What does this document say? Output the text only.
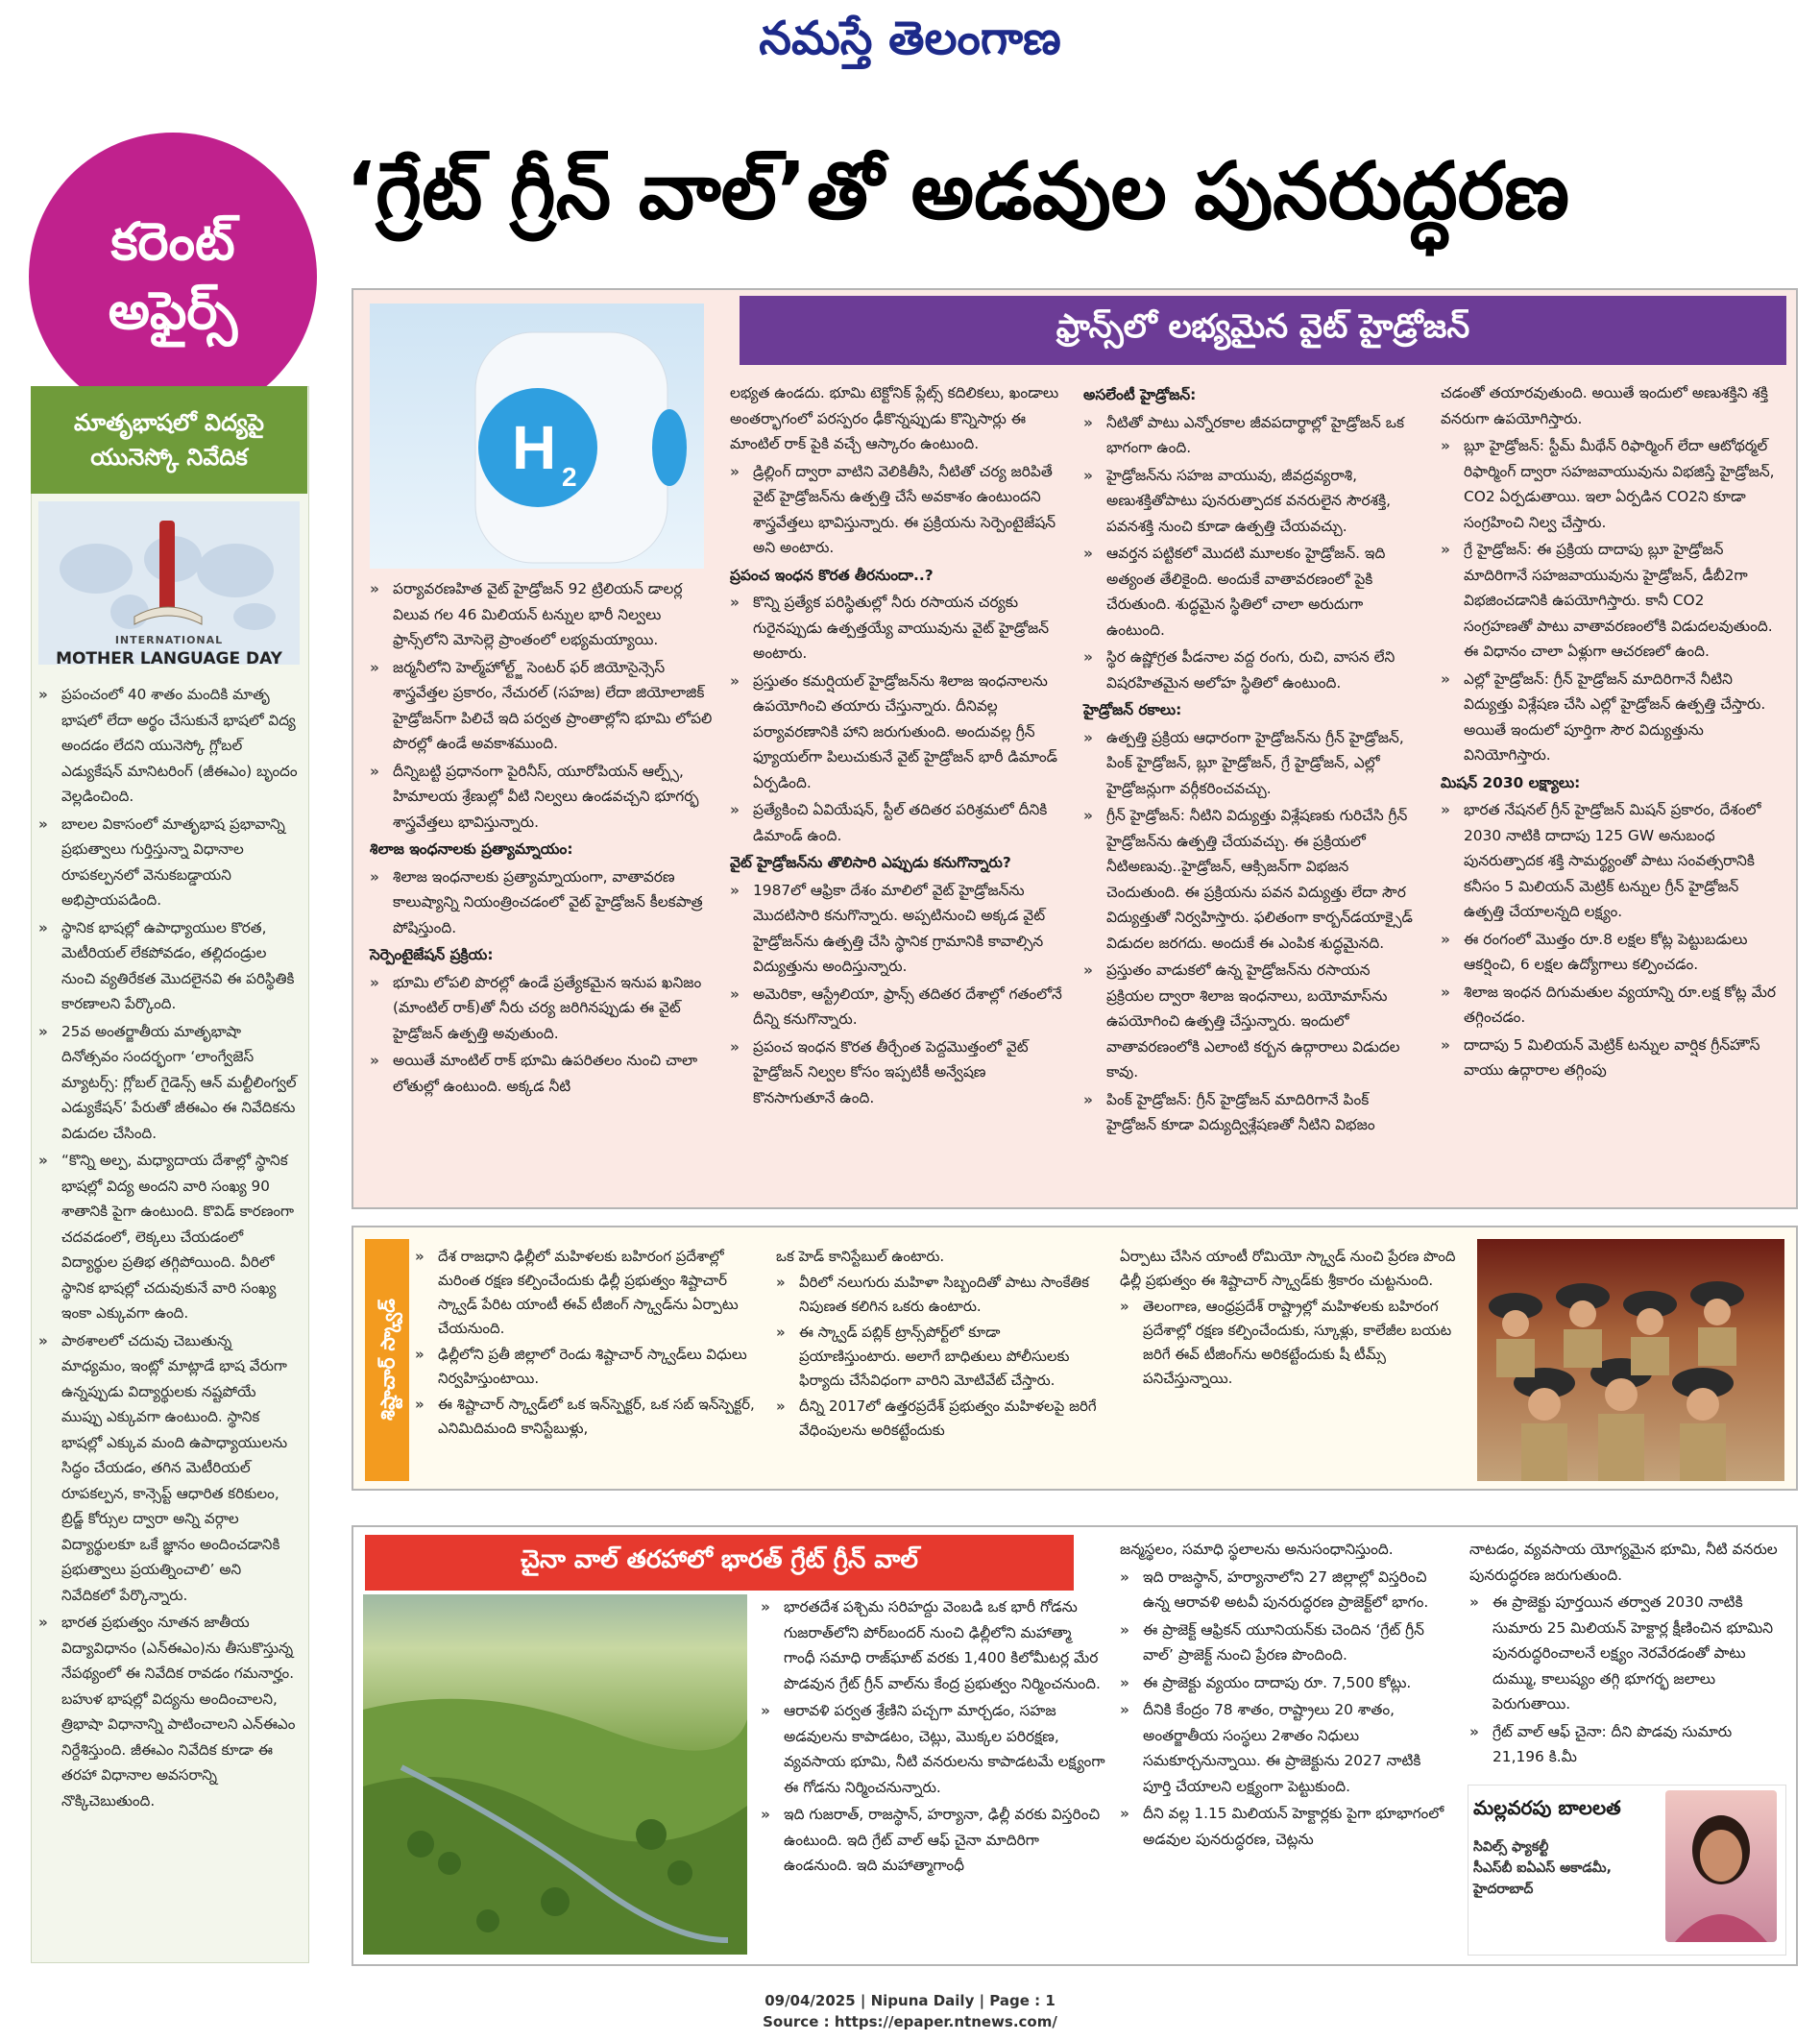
నమస్తే తెలంగాణ
కరెంట్
అఫైర్స్
‘గ్రేట్ గ్రీన్ వాల్’తో అడవుల పునరుద్ధరణ
మాతృభాషలో విద్యపై
యునెస్కో నివేదిక
INTERNATIONAL
MOTHER LANGUAGE DAY

» ప్రపంచంలో 40 శాతం మందికి మాతృ భాషలో లేదా అర్థం చేసుకునే భాషలో విద్య అందడం లేదని యునెస్కో గ్లోబల్ ఎడ్యుకేషన్ మానిటరింగ్ (జీఈఎం) బృందం వెల్లడించింది.

» బాలల వికాసంలో మాతృభాష ప్రభావాన్ని ప్రభుత్వాలు గుర్తిస్తున్నా విధానాల రూపకల్పనలో వెనుకబడ్డాయని అభిప్రాయపడింది.

» స్థానిక భాషల్లో ఉపాధ్యాయుల కొరత, మెటీరియల్ లేకపోవడం, తల్లిదండ్రుల నుంచి వ్యతిరేకత మొదలైనవి ఈ పరిస్థితికి కారణాలని పేర్కొంది.

» 25వ అంతర్జాతీయ మాతృభాషా దినోత్సవం సందర్భంగా ‘లాంగ్వేజెస్ మ్యాటర్స్: గ్లోబల్ గైడెన్స్ ఆన్ మల్టీలింగ్వల్ ఎడ్యుకేషన్’ పేరుతో జీఈఎం ఈ నివేదికను విడుదల చేసింది.

» “కొన్ని అల్ప, మధ్యాదాయ దేశాల్లో స్థానిక భాషల్లో విద్య అందని వారి సంఖ్య 90 శాతానికి పైగా ఉంటుంది. కొవిడ్ కారణంగా చదవడంలో, లెక్కలు చేయడంలో విద్యార్థుల ప్రతిభ తగ్గిపోయింది. వీరిలో స్థానిక భాషల్లో చదువుకునే వారి సంఖ్య ఇంకా ఎక్కువగా ఉంది.

» పాఠశాలలో చదువు చెబుతున్న మాధ్యమం, ఇంట్లో మాట్లాడే భాష వేరుగా ఉన్నప్పుడు విద్యార్థులకు నష్టపోయే ముప్పు ఎక్కువగా ఉంటుంది. స్థానిక భాషల్లో ఎక్కువ మంది ఉపాధ్యాయులను సిద్ధం చేయడం, తగిన మెటీరియల్ రూపకల్పన, కాన్సెప్ట్ ఆధారిత కరికులం, బ్రిడ్జ్ కోర్సుల ద్వారా అన్ని వర్గాల విద్యార్థులకూ ఒకే జ్ఞానం అందించడానికి ప్రభుత్వాలు ప్రయత్నించాలి’ అని నివేదికలో పేర్కొన్నారు.

» భారత ప్రభుత్వం నూతన జాతీయ విద్యావిధానం (ఎన్ఈఎం)ను తీసుకొస్తున్న నేపథ్యంలో ఈ నివేదిక రావడం గమనార్హం. బహుళ భాషల్లో విద్యను అందించాలని, త్రిభాషా విధానాన్ని పాటించాలని ఎన్ఈఎం నిర్దేశిస్తుంది. జీఈఎం నివేదిక కూడా ఈ తరహా విధానాల అవసరాన్ని నొక్కిచెబుతుంది.

ఫ్రాన్స్‌లో లభ్యమైన వైట్ హైడ్రోజన్
H 2

» పర్యావరణహిత వైట్ హైడ్రోజన్ 92 ట్రిలియన్ డాలర్ల విలువ గల 46 మిలియన్ టన్నుల భారీ నిల్వలు ఫ్రాన్స్‌లోని మోసెల్లె ప్రాంతంలో లభ్యమయ్యాయి.

» జర్మనీలోని హెల్మ్‌హోల్ట్జ్ సెంటర్ ఫర్ జియోసైన్సెస్ శాస్త్రవేత్తల ప్రకారం, నేచురల్ (సహజ) లేదా జియోలాజిక్ హైడ్రోజన్‌గా పిలిచే ఇది పర్వత ప్రాంతాల్లోని భూమి లోపలి పొరల్లో ఉండే అవకాశముంది.

» దీన్నిబట్టి ప్రధానంగా పైరినీస్, యూరోపియన్ ఆల్ప్స్, హిమాలయ శ్రేణుల్లో వీటి నిల్వలు ఉండవచ్చని భూగర్భ శాస్త్రవేత్తలు భావిస్తున్నారు.

శిలాజ ఇంధనాలకు ప్రత్యామ్నాయం:

» శిలాజ ఇంధనాలకు ప్రత్యామ్నాయంగా, వాతావరణ కాలుష్యాన్ని నియంత్రించడంలో వైట్ హైడ్రోజన్ కీలకపాత్ర పోషిస్తుంది.

సెర్పెంటైజేషన్ ప్రక్రియ:

» భూమి లోపలి పొరల్లో ఉండే ప్రత్యేకమైన ఇనుప ఖనిజం (మాంటిల్ రాక్)తో నీరు చర్య జరిగినప్పుడు ఈ వైట్ హైడ్రోజన్ ఉత్పత్తి అవుతుంది.

» అయితే మాంటిల్ రాక్ భూమి ఉపరితలం నుంచి చాలా లోతుల్లో ఉంటుంది. అక్కడ నీటి

లభ్యత ఉండదు. భూమి టెక్టోనిక్ ప్లేట్స్ కదిలికలు, ఖండాలు అంతర్భాగంలో పరస్పరం ఢీకొన్నప్పుడు కొన్నిసార్లు ఈ మాంటిల్ రాక్ పైకి వచ్చే ఆస్కారం ఉంటుంది.

» డ్రిల్లింగ్ ద్వారా వాటిని వెలికితీసి, నీటితో చర్య జరిపితే వైట్ హైడ్రోజన్‌ను ఉత్పత్తి చేసే అవకాశం ఉంటుందని శాస్త్రవేత్తలు భావిస్తున్నారు. ఈ ప్రక్రియను సెర్పెంటైజేషన్ అని అంటారు.

ప్రపంచ ఇంధన కొరత తీరనుందా..?

» కొన్ని ప్రత్యేక పరిస్థితుల్లో నీరు రసాయన చర్యకు గురైనప్పుడు ఉత్పత్తయ్యే వాయువును వైట్ హైడ్రోజన్ అంటారు.

» ప్రస్తుతం కమర్షియల్ హైడ్రోజన్‌ను శిలాజ ఇంధనాలను ఉపయోగించి తయారు చేస్తున్నారు. దీనివల్ల పర్యావరణానికి హాని జరుగుతుంది. అందువల్ల గ్రీన్ ఫ్యూయల్‌గా పిలుచుకునే వైట్ హైడ్రోజన్ భారీ డిమాండ్ ఏర్పడింది.

» ప్రత్యేకించి ఏవియేషన్, స్టీల్ తదితర పరిశ్రమలో దీనికి డిమాండ్ ఉంది.

వైట్ హైడ్రోజన్‌ను తొలిసారి ఎప్పుడు కనుగొన్నారు?

» 1987లో ఆఫ్రికా దేశం మాలిలో వైట్ హైడ్రోజన్‌ను మొదటిసారి కనుగొన్నారు. అప్పటినుంచి అక్కడ వైట్ హైడ్రోజన్‌ను ఉత్పత్తి చేసి స్థానిక గ్రామానికి కావాల్సిన విద్యుత్తును అందిస్తున్నారు.

» అమెరికా, ఆస్ట్రేలియా, ఫ్రాన్స్ తదితర దేశాల్లో గతంలోనే దీన్ని కనుగొన్నారు.

» ప్రపంచ ఇంధన కొరత తీర్చేంత పెద్దమొత్తంలో వైట్ హైడ్రోజన్ నిల్వల కోసం ఇప్పటికీ అన్వేషణ కొనసాగుతూనే ఉంది.

అసలేంటీ హైడ్రోజన్:

» నీటితో పాటు ఎన్నోరకాల జీవపదార్థాల్లో హైడ్రోజన్ ఒక భాగంగా ఉంది.

» హైడ్రోజన్‌ను సహజ వాయువు, జీవద్రవ్యరాశి, అణుశక్తితోపాటు పునరుత్పాదక వనరులైన సౌరశక్తి, పవనశక్తి నుంచి కూడా ఉత్పత్తి చేయవచ్చు.

» ఆవర్తన పట్టికలో మొదటి మూలకం హైడ్రోజన్. ఇది అత్యంత తేలికైంది. అందుకే వాతావరణంలో పైకి చేరుతుంది. శుద్ధమైన స్థితిలో చాలా అరుదుగా ఉంటుంది.

» స్థిర ఉష్ణోగ్రత పీడనాల వద్ద రంగు, రుచి, వాసన లేని విషరహితమైన అలోహ స్థితిలో ఉంటుంది.

హైడ్రోజన్ రకాలు:

» ఉత్పత్తి ప్రక్రియ ఆధారంగా హైడ్రోజన్‌ను గ్రీన్ హైడ్రోజన్, పింక్ హైడ్రోజన్, బ్లూ హైడ్రోజన్, గ్రే హైడ్రోజన్, ఎల్లో హైడ్రోజన్లుగా వర్గీకరించవచ్చు.

» గ్రీన్ హైడ్రోజన్: నీటిని విద్యుత్తు విశ్లేషణకు గురిచేసి గ్రీన్ హైడ్రోజన్‌ను ఉత్పత్తి చేయవచ్చు. ఈ ప్రక్రియలో నీటిఅణువు..హైడ్రోజన్, ఆక్సిజన్‌గా విభజన చెందుతుంది. ఈ ప్రక్రియను పవన విద్యుత్తు లేదా సౌర విద్యుత్తుతో నిర్వహిస్తారు. ఫలితంగా కార్బన్‌డయాక్సైడ్ విడుదల జరగదు. అందుకే ఈ ఎంపిక శుద్ధమైనది.

» ప్రస్తుతం వాడుకలో ఉన్న హైడ్రోజన్‌ను రసాయన ప్రక్రియల ద్వారా శిలాజ ఇంధనాలు, బయోమాస్‌ను ఉపయోగించి ఉత్పత్తి చేస్తున్నారు. ఇందులో వాతావరణంలోకి ఎలాంటి కర్బన ఉద్గారాలు విడుదల కావు.

» పింక్ హైడ్రోజన్: గ్రీన్ హైడ్రోజన్ మాదిరిగానే పింక్ హైడ్రోజన్ కూడా విద్యుద్విశ్లేషణతో నీటిని విభజం

చడంతో తయారవుతుంది. అయితే ఇందులో అణుశక్తిని శక్తి వనరుగా ఉపయోగిస్తారు.

» బ్లూ హైడ్రోజన్: స్టీమ్ మీథేన్ రిఫార్మింగ్ లేదా ఆటోథర్మల్ రిఫార్మింగ్ ద్వారా సహజవాయువును విభజిస్తే హైడ్రోజన్, CO2 ఏర్పడుతాయి. ఇలా ఏర్పడిన CO2ని కూడా సంగ్రహించి నిల్వ చేస్తారు.

» గ్రే హైడ్రోజన్: ఈ ప్రక్రియ దాదాపు బ్లూ హైడ్రోజన్ మాదిరిగానే సహజవాయువును హైడ్రోజన్, డీబీ2గా విభజించడానికి ఉపయోగిస్తారు. కానీ CO2 సంగ్రహణతో పాటు వాతావరణంలోకి విడుదలవుతుంది. ఈ విధానం చాలా ఏళ్లుగా ఆచరణలో ఉంది.

» ఎల్లో హైడ్రోజన్: గ్రీన్ హైడ్రోజన్ మాదిరిగానే నీటిని విద్యుత్తు విశ్లేషణ చేసి ఎల్లో హైడ్రోజన్ ఉత్పత్తి చేస్తారు. అయితే ఇందులో పూర్తిగా సౌర విద్యుత్తును వినియోగిస్తారు.

మిషన్ 2030 లక్ష్యాలు:

» భారత నేషనల్ గ్రీన్ హైడ్రోజన్ మిషన్ ప్రకారం, దేశంలో 2030 నాటికి దాదాపు 125 GW అనుబంధ పునరుత్పాదక శక్తి సామర్థ్యంతో పాటు సంవత్సరానికి కనీసం 5 మిలియన్ మెట్రిక్ టన్నుల గ్రీన్ హైడ్రోజన్ ఉత్పత్తి చేయాలన్నది లక్ష్యం.

» ఈ రంగంలో మొత్తం రూ.8 లక్షల కోట్ల పెట్టుబడులు ఆకర్షించి, 6 లక్షల ఉద్యోగాలు కల్పించడం.

» శిలాజ ఇంధన దిగుమతుల వ్యయాన్ని రూ.లక్ష కోట్ల మేర తగ్గించడం.

» దాదాపు 5 మిలియన్ మెట్రిక్ టన్నుల వార్షిక గ్రీన్‌హౌస్ వాయు ఉద్గారాల తగ్గింపు

శిష్టాచార్ స్క్వాడ్

» దేశ రాజధాని ఢిల్లీలో మహిళలకు బహిరంగ ప్రదేశాల్లో మరింత రక్షణ కల్పించేందుకు ఢిల్లీ ప్రభుత్వం శిష్టాచార్ స్క్వాడ్ పేరిట యాంటీ ఈవ్ టీజింగ్ స్క్వాడ్‌ను ఏర్పాటు చేయనుంది.

» ఢిల్లీలోని ప్రతీ జిల్లాలో రెండు శిష్టాచార్ స్క్వాడ్‌లు విధులు నిర్వహిస్తుంటాయి.

» ఈ శిష్టాచార్ స్క్వాడ్‌లో ఒక ఇన్‌స్పెక్టర్, ఒక సబ్ ఇన్‌స్పెక్టర్, ఎనిమిదిమంది కానిస్టేబుళ్లు,

ఒక హెడ్ కానిస్టేబుల్ ఉంటారు.

» వీరిలో నలుగురు మహిళా సిబ్బందితో పాటు సాంకేతిక నిపుణత కలిగిన ఒకరు ఉంటారు.

» ఈ స్క్వాడ్ పబ్లిక్ ట్రాన్స్‌పోర్ట్‌లో కూడా ప్రయాణిస్తుంటారు. అలాగే బాధితులు పోలీసులకు ఫిర్యాదు చేసేవిధంగా వారిని మోటివేట్ చేస్తారు.

» దీన్ని 2017లో ఉత్తరప్రదేశ్ ప్రభుత్వం మహిళలపై జరిగే వేధింపులను అరికట్టేందుకు

ఏర్పాటు చేసిన యాంటీ రోమియో స్క్వాడ్ నుంచి ప్రేరణ పొంది ఢిల్లీ ప్రభుత్వం ఈ శిష్టాచార్ స్క్వాడ్‌కు శ్రీకారం చుట్టనుంది.

» తెలంగాణ, ఆంధ్రప్రదేశ్ రాష్ట్రాల్లో మహిళలకు బహిరంగ ప్రదేశాల్లో రక్షణ కల్పించేందుకు, స్కూళ్లు, కాలేజీల బయట జరిగే ఈవ్ టీజింగ్‌ను అరికట్టేందుకు షీ టీమ్స్ పనిచేస్తున్నాయి.

చైనా వాల్ తరహాలో భారత్ గ్రేట్ గ్రీన్ వాల్

» భారతదేశ పశ్చిమ సరిహద్దు వెంబడి ఒక భారీ గోడను గుజరాత్‌లోని పోర్‌బందర్ నుంచి ఢిల్లీలోని మహాత్మా గాంధీ సమాధి రాజ్‌ఘాట్ వరకు 1,400 కిలోమీటర్ల మేర పొడవున గ్రేట్ గ్రీన్ వాల్‌ను కేంద్ర ప్రభుత్వం నిర్మించనుంది.

» ఆరావళి పర్వత శ్రేణిని పచ్చగా మార్చడం, సహజ అడవులను కాపాడటం, చెట్లు, మొక్కల పరిరక్షణ, వ్యవసాయ భూమి, నీటి వనరులను కాపాడటమే లక్ష్యంగా ఈ గోడను నిర్మించనున్నారు.

» ఇది గుజరాత్, రాజస్థాన్, హర్యానా, ఢిల్లీ వరకు విస్తరించి ఉంటుంది. ఇది గ్రేట్ వాల్ ఆఫ్ చైనా మాదిరిగా ఉండనుంది. ఇది మహాత్మాగాంధీ

జన్మస్థలం, సమాధి స్థలాలను అనుసంధానిస్తుంది.

» ఇది రాజస్థాన్, హర్యానాలోని 27 జిల్లాల్లో విస్తరించి ఉన్న ఆరావళి అటవీ పునరుద్ధరణ ప్రాజెక్ట్‌లో భాగం.

» ఈ ప్రాజెక్ట్ ఆఫ్రికన్ యూనియన్‌కు చెందిన ‘గ్రేట్ గ్రీన్ వాల్’ ప్రాజెక్ట్ నుంచి ప్రేరణ పొందింది.

» ఈ ప్రాజెక్టు వ్యయం దాదాపు రూ. 7,500 కోట్లు.

» దీనికి కేంద్రం 78 శాతం, రాష్ట్రాలు 20 శాతం, అంతర్జాతీయ సంస్థలు 2శాతం నిధులు సమకూర్చనున్నాయి. ఈ ప్రాజెక్టును 2027 నాటికి పూర్తి చేయాలని లక్ష్యంగా పెట్టుకుంది.

» దీని వల్ల 1.15 మిలియన్ హెక్టార్లకు పైగా భూభాగంలో అడవుల పునరుద్ధరణ, చెట్లను

నాటడం, వ్యవసాయ యోగ్యమైన భూమి, నీటి వనరుల పునరుద్ధరణ జరుగుతుంది.

» ఈ ప్రాజెక్టు పూర్తయిన తర్వాత 2030 నాటికి సుమారు 25 మిలియన్ హెక్టార్ల క్షీణించిన భూమిని పునరుద్ధరించాలనే లక్ష్యం నెరవేరడంతో పాటు దుమ్ము, కాలుష్యం తగ్గి భూగర్భ జలాలు పెరుగుతాయి.

» గ్రేట్ వాల్ ఆఫ్ చైనా: దీని పొడవు సుమారు 21,196 కి.మీ

మల్లవరపు బాలలత
సివిల్స్ ఫ్యాకల్టీ
సీఎస్‌బీ ఐఏఎస్ అకాడమీ,
హైదరాబాద్
09/04/2025 | Nipuna Daily | Page : 1
Source : https://epaper.ntnews.com/
